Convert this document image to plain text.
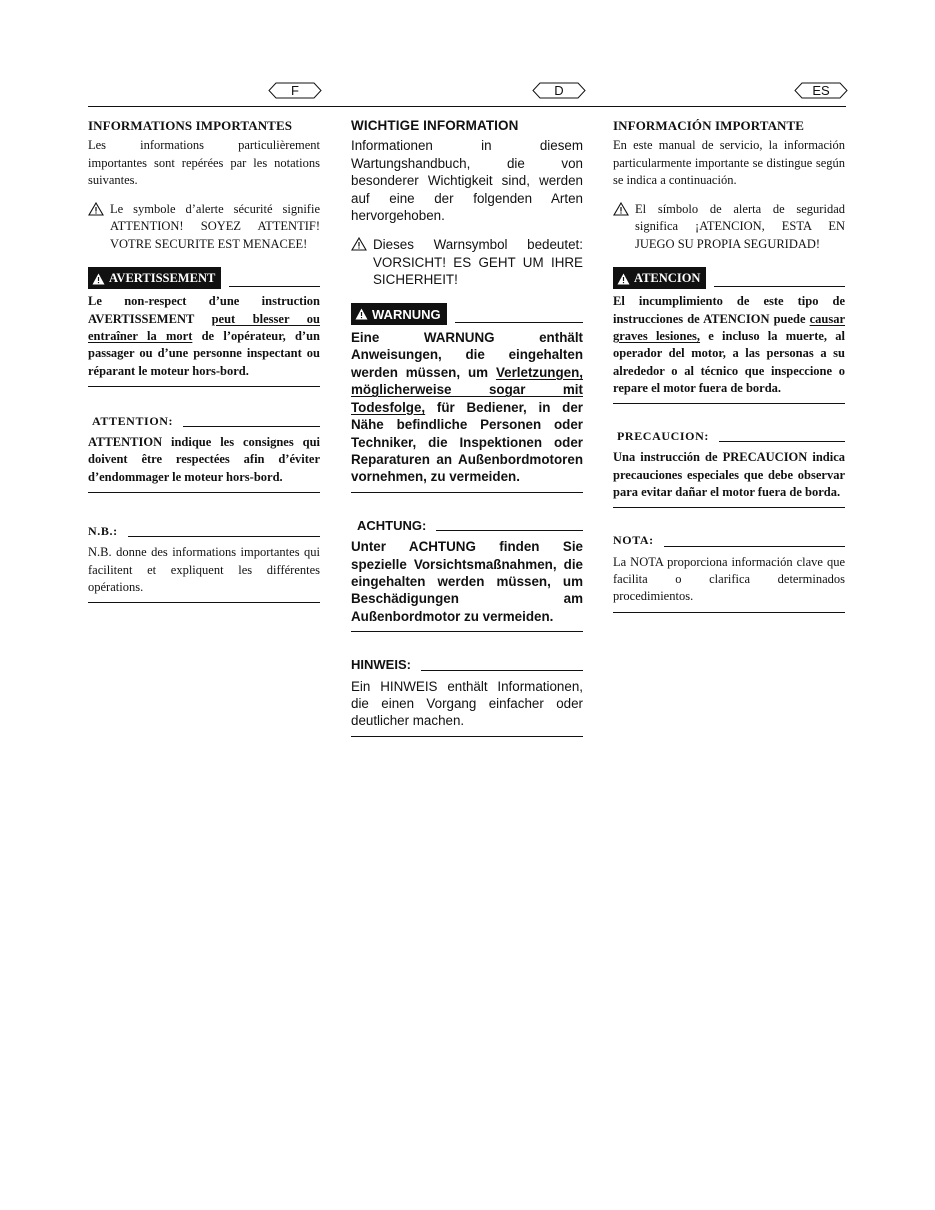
F	D	ES
INFORMATIONS IMPORTANTES

Les informations particulièrement importantes sont repérées par les notations suivantes.

Le symbole d’alerte sécurité signifie ATTENTION! SOYEZ ATTENTIF! VOTRE SECURITE EST MENACEE!

AVERTISSEMENT

Le non-respect d’une instruction AVERTISSEMENT peut blesser ou entraîner la mort de l’opérateur, d’un passager ou d’une personne inspectant ou réparant le moteur hors-bord.

ATTENTION:

ATTENTION indique les consignes qui doivent être respectées afin d’éviter d’endommager le moteur hors-bord.

N.B.:

N.B. donne des informations importantes qui facilitent et expliquent les différentes opérations.

WICHTIGE INFORMATION

Informationen in diesem Wartungshandbuch, die von besonderer Wichtigkeit sind, werden auf eine der folgenden Arten hervorgehoben.

Dieses Warnsymbol bedeutet: VORSICHT! ES GEHT UM IHRE SICHERHEIT!

WARNUNG

Eine WARNUNG enthält Anweisungen, die eingehalten werden müssen, um Verletzungen, möglicherweise sogar mit Todesfolge, für Bediener, in der Nähe befindliche Personen oder Techniker, die Inspektionen oder Reparaturen an Außenbordmotoren vornehmen, zu vermeiden.

ACHTUNG:

Unter ACHTUNG finden Sie spezielle Vorsichtsmaßnahmen, die eingehalten werden müssen, um Beschädigungen am Außenbordmotor zu vermeiden.

HINWEIS:

Ein HINWEIS enthält Informationen, die einen Vorgang einfacher oder deutlicher machen.

INFORMACIÓN IMPORTANTE

En este manual de servicio, la información particularmente importante se distingue según se indica a continuación.

El símbolo de alerta de seguridad significa ¡ATENCION, ESTA EN JUEGO SU PROPIA SEGURIDAD!

ATENCION

El incumplimiento de este tipo de instrucciones de ATENCION puede causar graves lesiones, e incluso la muerte, al operador del motor, a las personas a su alrededor o al técnico que inspeccione o repare el motor fuera de borda.

PRECAUCION:

Una instrucción de PRECAUCION indica precauciones especiales que debe observar para evitar dañar el motor fuera de borda.

NOTA:

La NOTA proporciona información clave que facilita o clarifica determinados procedimientos.
